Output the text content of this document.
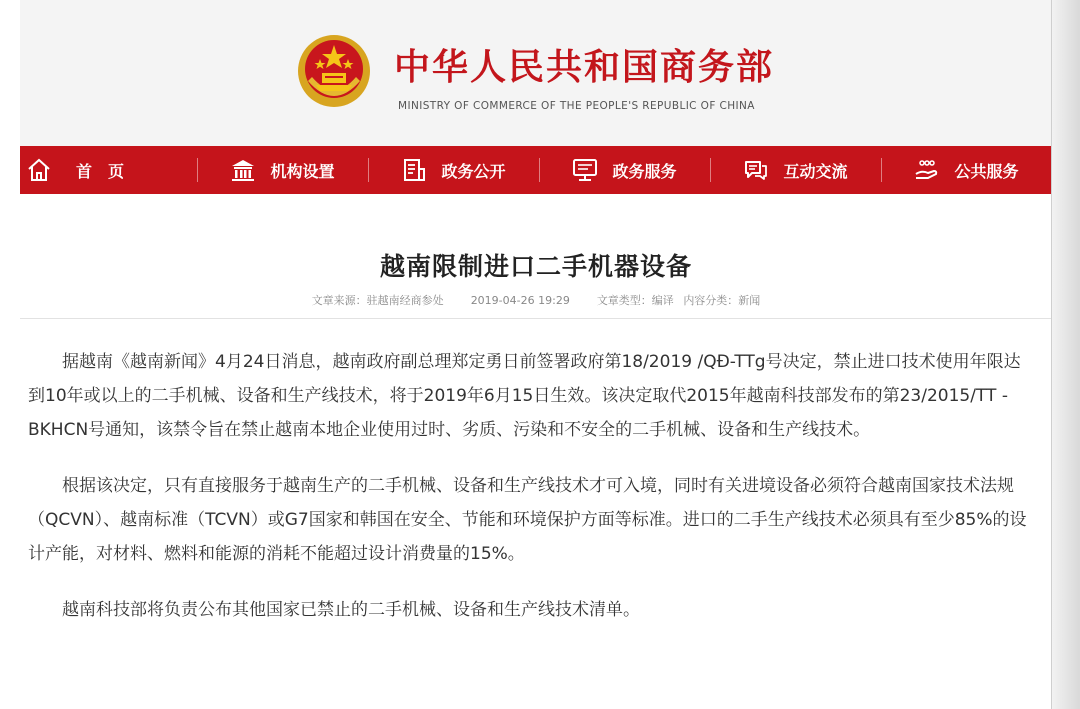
中华人民共和国商务部
MINISTRY OF COMMERCE OF THE PEOPLE'S REPUBLIC OF CHINA
首　页	机构设置	政务公开	政务服务	互动交流	公共服务
越南限制进口二手机器设备
文章来源：驻越南经商参处 2019-04-26 19:29 文章类型：编译 内容分类：新闻

据越南《越南新闻》4月24日消息，越南政府副总理郑定勇日前签署政府第18/2019 /QĐ-TTg号决定，禁止进口技术使用年限达到10年或以上的二手机械、设备和生产线技术，将于2019年6月15日生效。该决定取代2015年越南科技部发布的第23/2015/TT -BKHCN号通知，该禁令旨在禁止越南本地企业使用过时、劣质、污染和不安全的二手机械、设备和生产线技术。

根据该决定，只有直接服务于越南生产的二手机械、设备和生产线技术才可入境，同时有关进境设备必须符合越南国家技术法规（QCVN）、越南标准（TCVN）或G7国家和韩国在安全、节能和环境保护方面等标准。进口的二手生产线技术必须具有至少85%的设计产能，对材料、燃料和能源的消耗不能超过设计消费量的15%。

越南科技部将负责公布其他国家已禁止的二手机械、设备和生产线技术清单。
